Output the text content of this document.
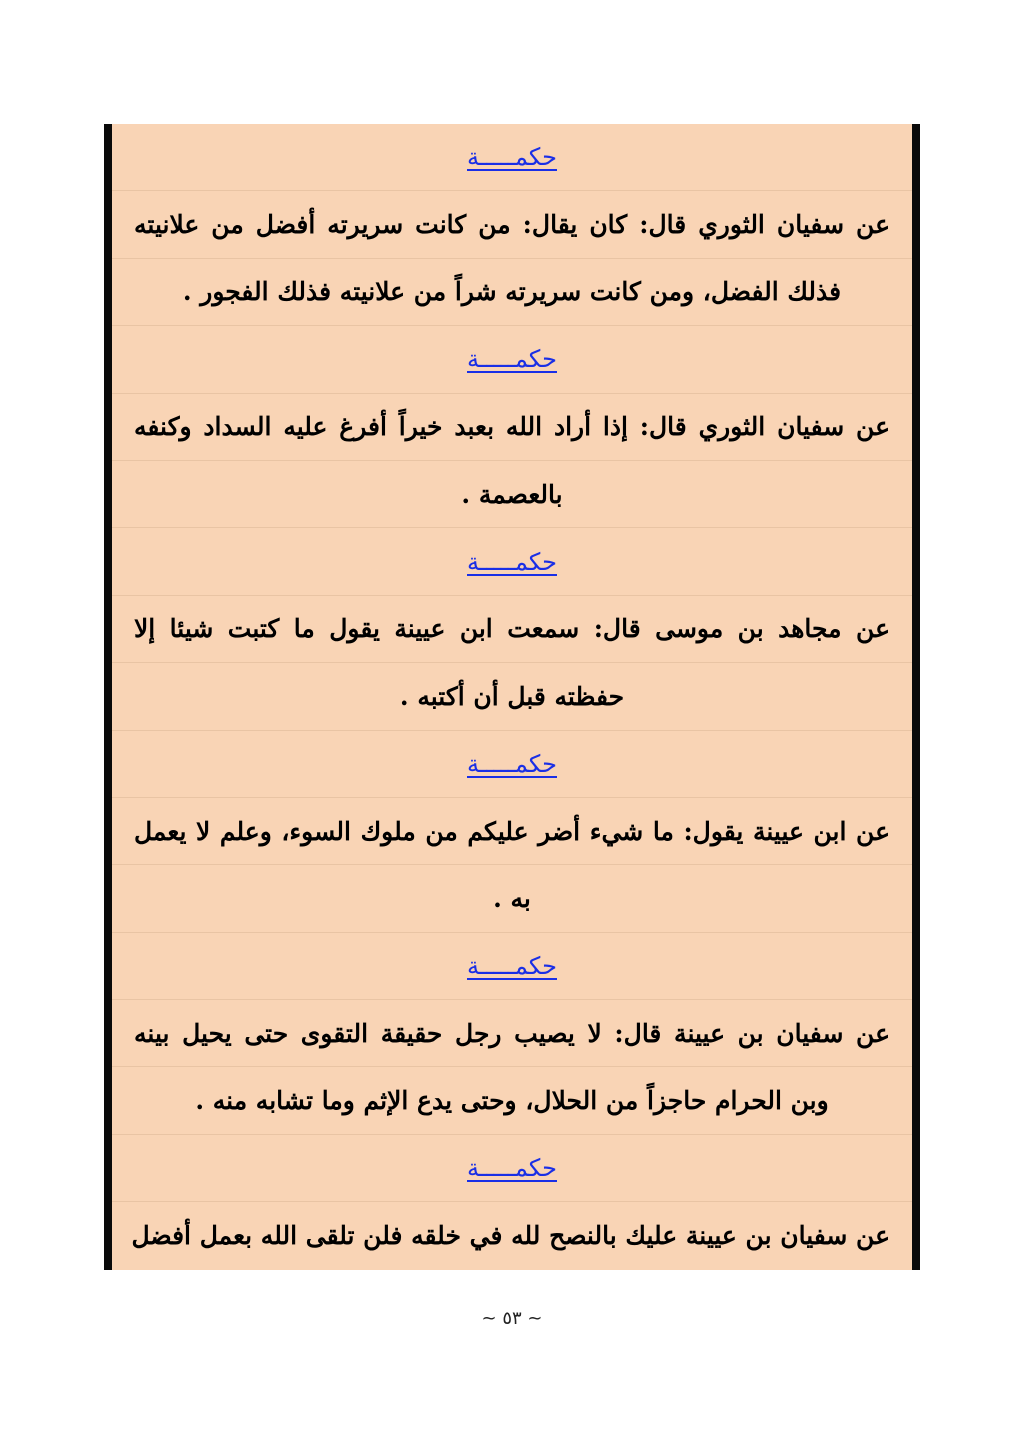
حكمـــــة
عن سفيان الثوري قال: كان يقال: من كانت سريرته أفضل من علانيته
فذلك الفضل، ومن كانت سريرته شراً من علانيته فذلك الفجور .
حكمـــــة
عن سفيان الثوري قال: إذا أراد الله بعبد خيراً أفرغ عليه السداد وكنفه
بالعصمة .
حكمـــــة
عن مجاهد بن موسى قال: سمعت ابن عيينة يقول ما كتبت شيئا إلا
حفظته قبل أن أكتبه .
حكمـــــة
عن ابن عيينة يقول: ما شيء أضر عليكم من ملوك السوء، وعلم لا يعمل
به .
حكمـــــة
عن سفيان بن عيينة قال: لا يصيب رجل حقيقة التقوى حتى يحيل بينه
وبن الحرام حاجزاً من الحلال، وحتى يدع الإثم وما تشابه منه .
حكمـــــة
عن سفيان بن عيينة عليك بالنصح لله في خلقه فلن تلقى الله بعمل أفضل
~ ٥٣ ~
